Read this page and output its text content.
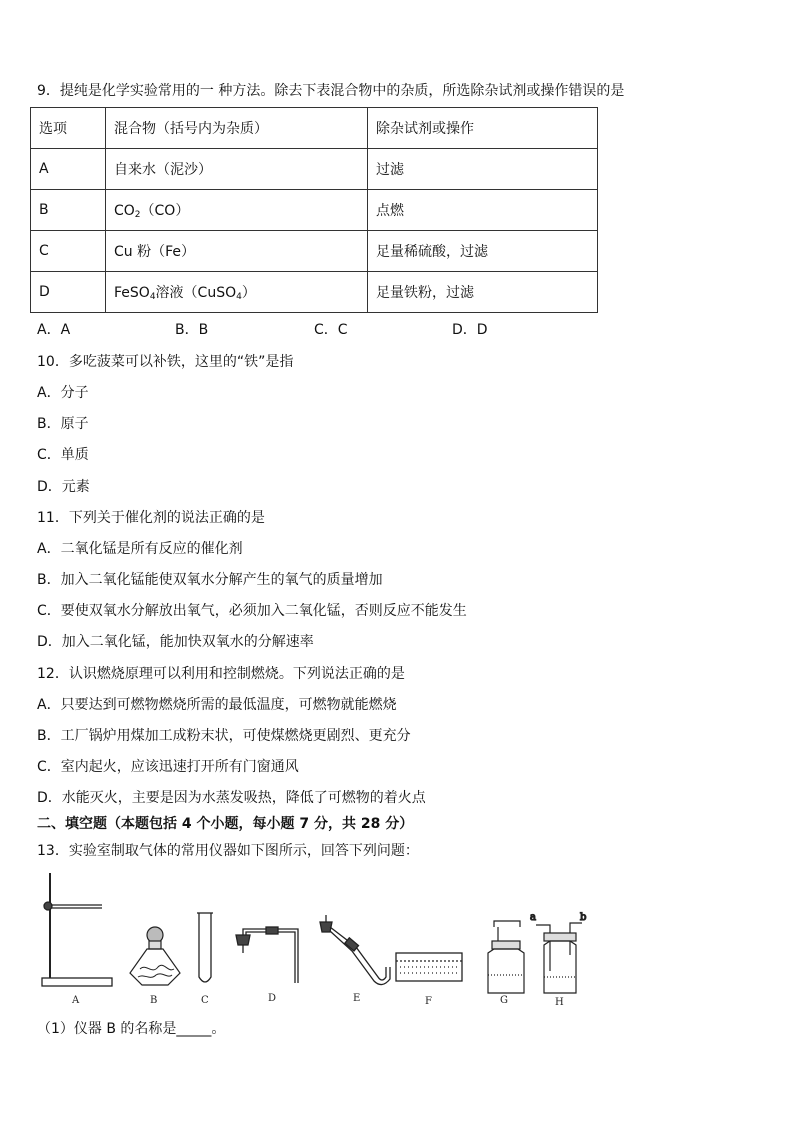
9．提纯是化学实验常用的一 种方法。除去下表混合物中的杂质，所选除杂试剂或操作错误的是
选项	混合物（括号内为杂质）	除杂试剂或操作
A	自来水（泥沙）	过滤
B	$CO_2(CO)$	点燃
C	Cu 粉（Fe）	足量稀硫酸，过滤
D	FeSO$_4$溶液（CuSO$_4$）	足量铁粉，过滤
A．A	B．B	C．C	D．D
10．多吃菠菜可以补铁，这里的“铁”是指
A．分子
B．原子
C．单质
D．元素
11．下列关于催化剂的说法正确的是
A．二氧化锰是所有反应的催化剂
B．加入二氧化锰能使双氧水分解产生的氧气的质量增加
C．要使双氧水分解放出氧气，必须加入二氧化锰，否则反应不能发生
D．加入二氧化锰，能加快双氧水的分解速率
12．认识燃烧原理可以利用和控制燃烧。下列说法正确的是
A．只要达到可燃物燃烧所需的最低温度，可燃物就能燃烧
B．工厂锅炉用煤加工成粉末状，可使煤燃烧更剧烈、更充分
C．室内起火，应该迅速打开所有门窗通风
D．水能灭火，主要是因为水蒸发吸热，降低了可燃物的着火点
二、填空题（本题包括 4 个小题，每小题 7 分，共 28 分）
13．实验室制取气体的常用仪器如下图所示，回答下列问题：
a	b
A	B	C	D	E	F	G	H
（1）仪器 B 的名称是_____。
